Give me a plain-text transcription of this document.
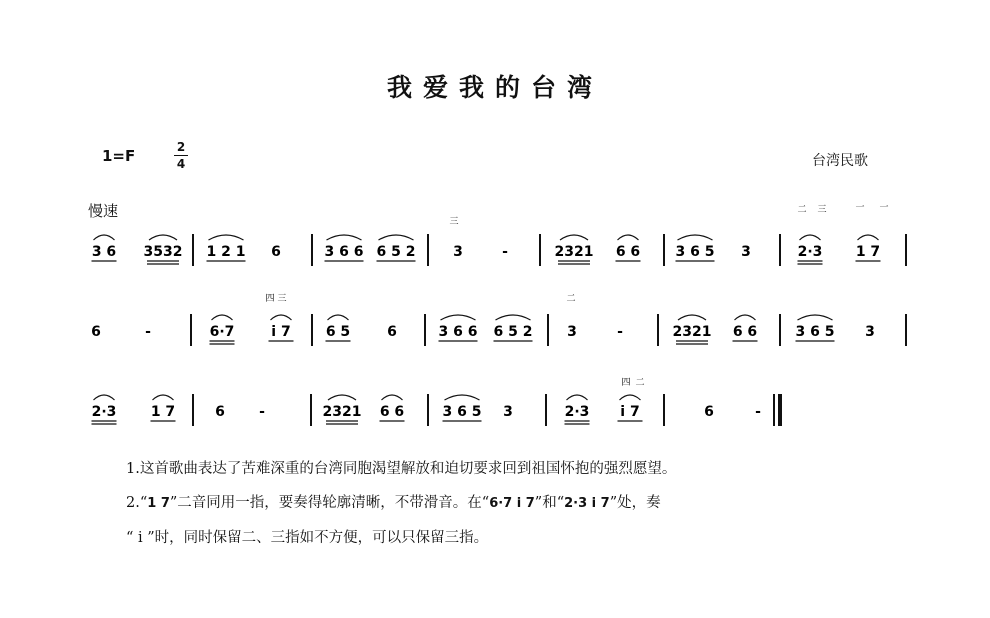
我爱我的台湾
1=F	2
4	台湾民歌
慢速
3 6 3532 1 2 1 6	3 6 6 6 5 2	3	-	2321 6 6	3 6 5 3	2·3 1 7
三
二 三	一 一
6	-	6·7	i 7	6 5	6	3 6 6 6 5 2 3	-	2321 6 6	3 6 5 3
四 三	二
2·3 1 7	6 -	2321 6 6	3 6 5 3	2·3 i 7	6	-
四 二

1.这首歌曲表达了苦难深重的台湾同胞渴望解放和迫切要求回到祖国怀抱的强烈愿望。

2.“1 7”二音同用一指，要奏得轮廓清晰，不带滑音。在“6·7 i 7”和“2·3 i 7”处，奏

“ i ”时，同时保留二、三指如不方便，可以只保留三指。
